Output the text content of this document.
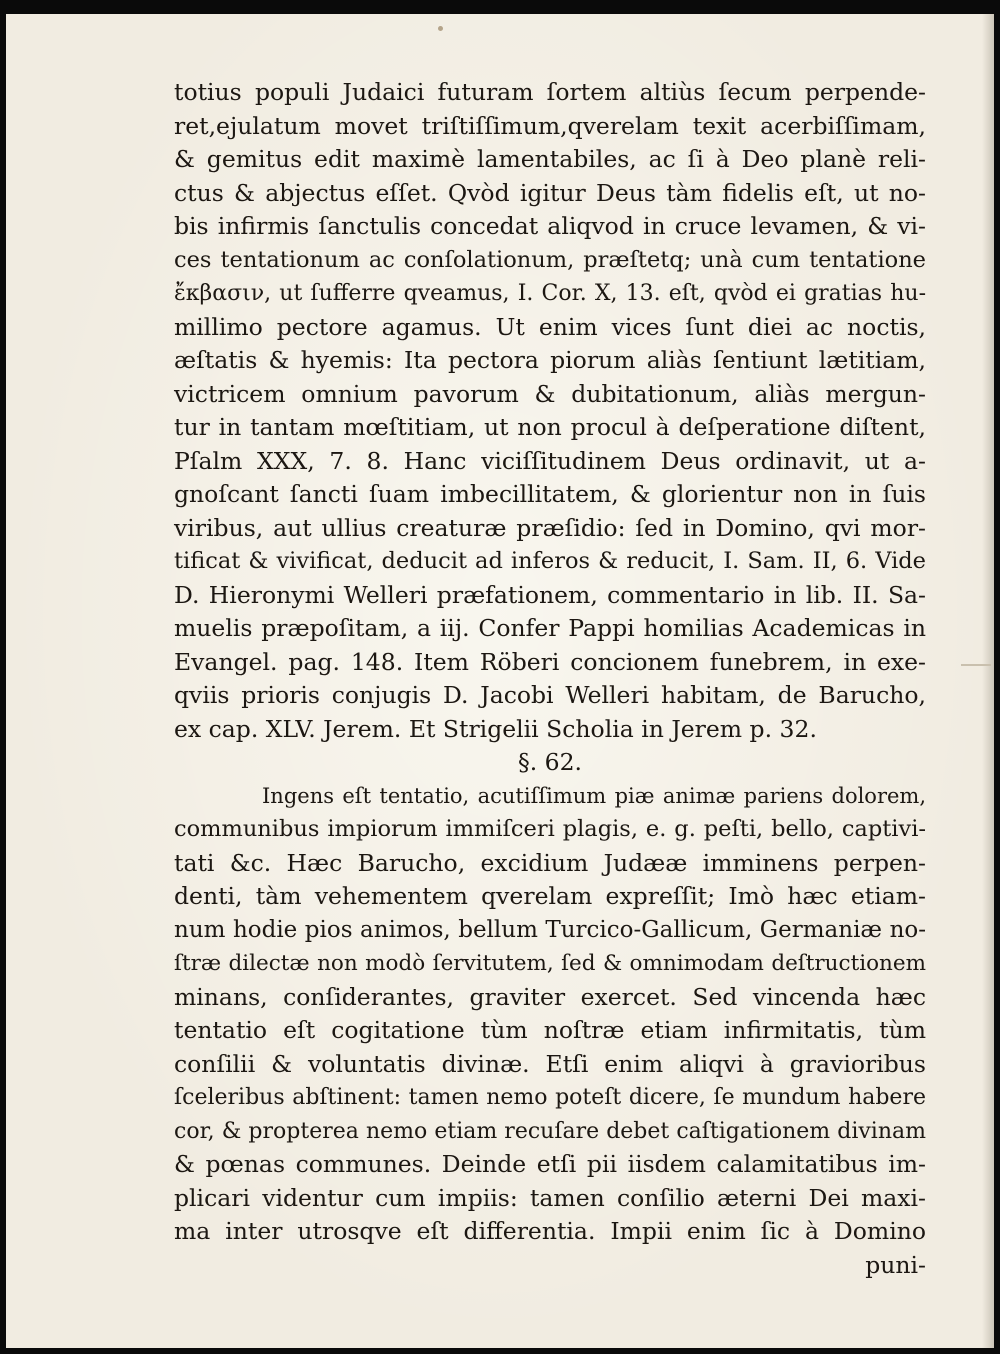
totius populi Judaici futuram ſortem altiùs ſecum perpende-
ret,ejulatum movet triſtiſſimum,qverelam texit acerbiſſimam,
& gemitus edit maximè lamentabiles, ac ſi à Deo planè reli-
ctus & abjectus eſſet. Qvòd igitur Deus tàm fidelis eſt, ut no-
bis infirmis ſanctulis concedat aliqvod in cruce levamen, & vi-
ces tentationum ac conſolationum, præſtetq; unà cum tentatione
ἔκβασιν, ut ſufferre qveamus, I. Cor. X, 13. eſt, qvòd ei gratias hu-
millimo pectore agamus. Ut enim vices ſunt diei ac noctis,
æſtatis & hyemis: Ita pectora piorum aliàs ſentiunt lætitiam,
victricem omnium pavorum & dubitationum, aliàs mergun-
tur in tantam mœſtitiam, ut non procul à deſperatione diſtent,
Pſalm XXX, 7. 8. Hanc viciſſitudinem Deus ordinavit, ut a-
gnoſcant ſancti ſuam imbecillitatem, & glorientur non in ſuis
viribus, aut ullius creaturæ præſidio: ſed in Domino, qvi mor-
tificat & vivificat, deducit ad inferos & reducit, I. Sam. II, 6. Vide
D. Hieronymi Welleri præfationem, commentario in lib. II. Sa-
muelis præpoſitam, a iij. Confer Pappi homilias Academicas in
Evangel. pag. 148. Item Röberi concionem funebrem, in exe-
qviis prioris conjugis D. Jacobi Welleri habitam, de Barucho,
ex cap. XLV. Jerem. Et Strigelii Scholia in Jerem p. 32.
§. 62.
Ingens eſt tentatio, acutiſſimum piæ animæ pariens dolorem,
communibus impiorum immiſceri plagis, e. g. peſti, bello, captivi-
tati &c. Hæc Barucho, excidium Judææ imminens perpen-
denti, tàm vehementem qverelam expreſſit; Imò hæc etiam-
num hodie pios animos, bellum Turcico-Gallicum, Germaniæ no-
ſtræ dilectæ non modò ſervitutem, ſed & omnimodam deſtructionem
minans, conſiderantes, graviter exercet. Sed vincenda hæc
tentatio eſt cogitatione tùm noſtræ etiam infirmitatis, tùm
conſilii & voluntatis divinæ. Etſi enim aliqvi à gravioribus
ſceleribus abſtinent: tamen nemo poteſt dicere, ſe mundum habere
cor, & propterea nemo etiam recuſare debet caſtigationem divinam
& pœnas communes. Deinde etſi pii iisdem calamitatibus im-
plicari videntur cum impiis: tamen conſilio æterni Dei maxi-
ma inter utrosqve eſt differentia. Impii enim ſic à Domino
puni-
